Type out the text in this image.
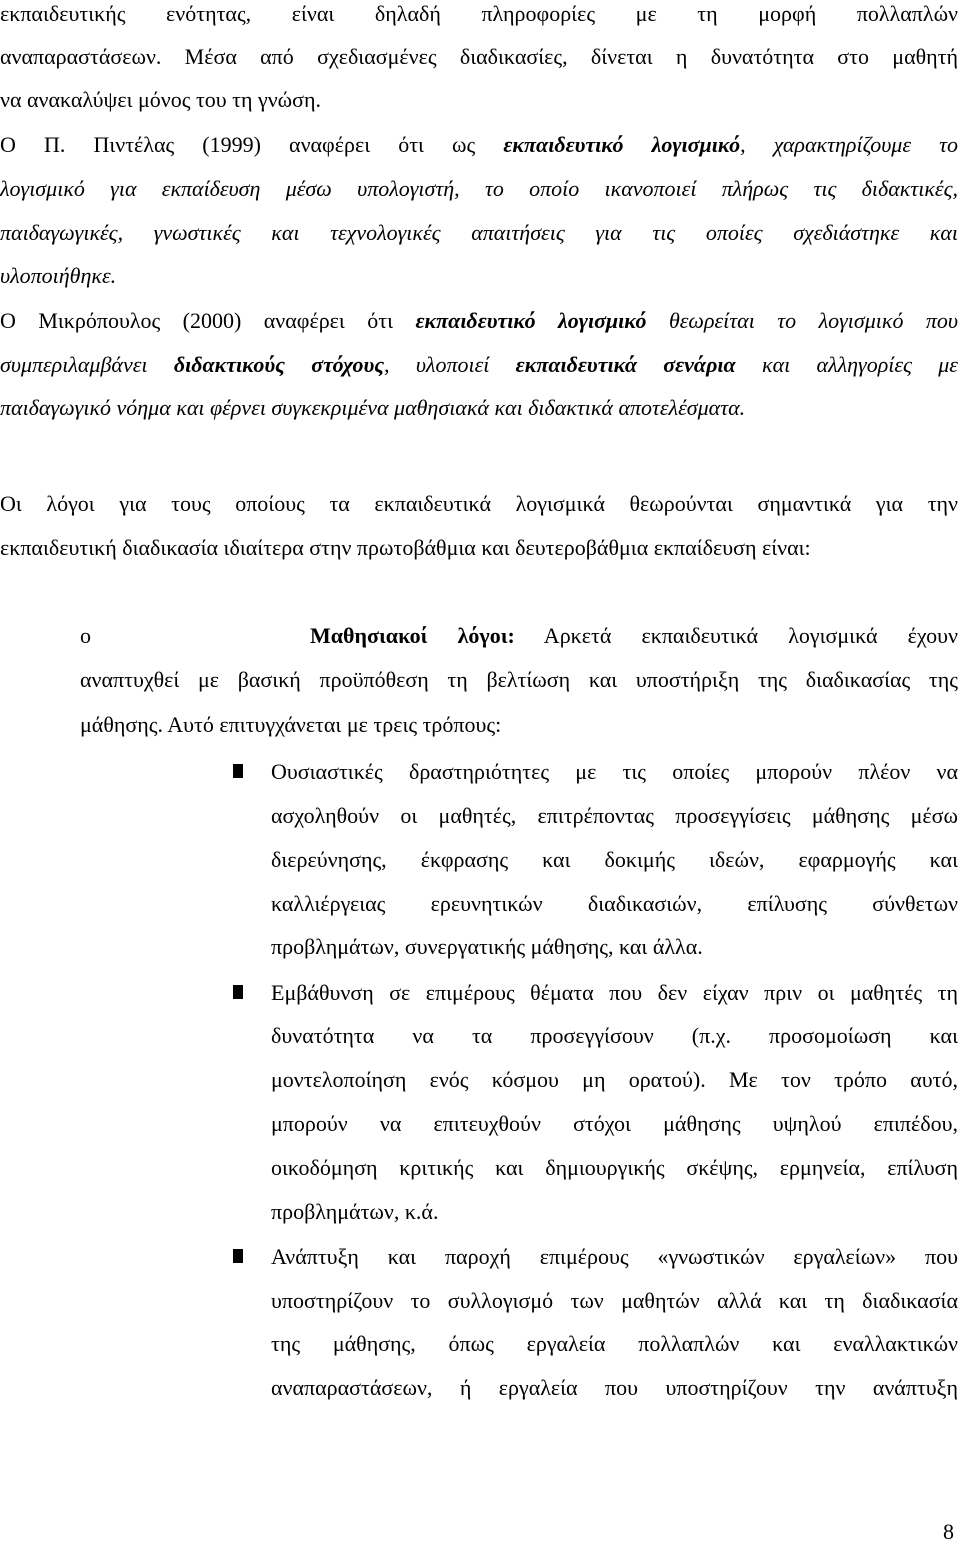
εκπαιδευτικής ενότητας, είναι δηλαδή πληροφορίες με τη μορφή πολλαπλών
αναπαραστάσεων. Μέσα από σχεδιασμένες διαδικασίες, δίνεται η δυνατότητα στο μαθητή
να ανακαλύψει μόνος του τη γνώση.
Ο Π. Πιντέλας (1999) αναφέρει ότι ως εκπαιδευτικό λογισμικό, χαρακτηρίζουμε το
λογισμικό για εκπαίδευση μέσω υπολογιστή, το οποίο ικανοποιεί πλήρως τις διδακτικές,
παιδαγωγικές, γνωστικές και τεχνολογικές απαιτήσεις για τις οποίες σχεδιάστηκε και
υλοποιήθηκε.
Ο Μικρόπουλος (2000) αναφέρει ότι εκπαιδευτικό λογισμικό θεωρείται το λογισμικό που
συμπεριλαμβάνει διδακτικούς στόχους, υλοποιεί εκπαιδευτικά σενάρια και αλληγορίες με
παιδαγωγικό νόημα και φέρνει συγκεκριμένα μαθησιακά και διδακτικά αποτελέσματα.
Οι λόγοι για τους οποίους τα εκπαιδευτικά λογισμικά θεωρούνται σημαντικά για την
εκπαιδευτική διαδικασία ιδιαίτερα στην πρωτοβάθμια και δευτεροβάθμια εκπαίδευση είναι:
o	Μαθησιακοί λόγοι: Αρκετά εκπαιδευτικά λογισμικά έχουν
αναπτυχθεί με βασική προϋπόθεση τη βελτίωση και υποστήριξη της διαδικασίας της
μάθησης. Αυτό επιτυγχάνεται με τρεις τρόπους:
Ουσιαστικές δραστηριότητες με τις οποίες μπορούν πλέον να
ασχοληθούν οι μαθητές, επιτρέποντας προσεγγίσεις μάθησης μέσω
διερεύνησης, έκφρασης και δοκιμής ιδεών, εφαρμογής και
καλλιέργειας ερευνητικών διαδικασιών, επίλυσης σύνθετων
προβλημάτων, συνεργατικής μάθησης, και άλλα.
Εμβάθυνση σε επιμέρους θέματα που δεν είχαν πριν οι μαθητές τη
δυνατότητα να τα προσεγγίσουν (π.χ. προσομοίωση και
μοντελοποίηση ενός κόσμου μη ορατού). Με τον τρόπο αυτό,
μπορούν να επιτευχθούν στόχοι μάθησης υψηλού επιπέδου,
οικοδόμηση κριτικής και δημιουργικής σκέψης, ερμηνεία, επίλυση
προβλημάτων, κ.ά.
Ανάπτυξη και παροχή επιμέρους «γνωστικών εργαλείων» που
υποστηρίζουν το συλλογισμό των μαθητών αλλά και τη διαδικασία
της μάθησης, όπως εργαλεία πολλαπλών και εναλλακτικών
αναπαραστάσεων, ή εργαλεία που υποστηρίζουν την ανάπτυξη
8
